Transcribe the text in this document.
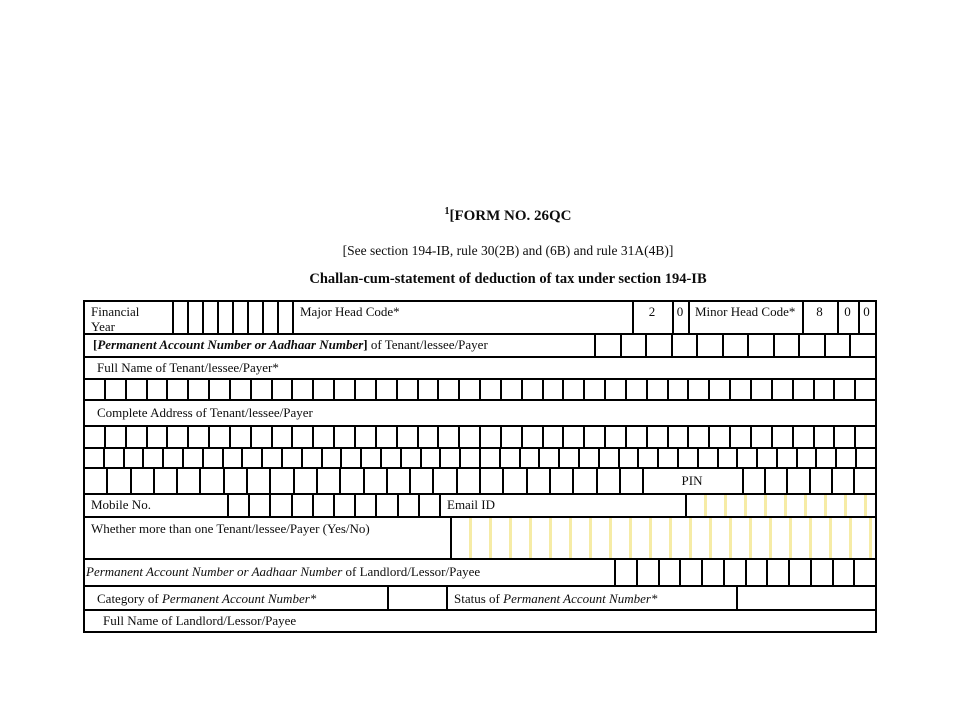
$^1$[FORM NO. 26QC
[See section 194-IB, rule 30(2B) and (6B) and rule 31A(4B)]
Challan-cum-statement of deduction of tax under section 194-IB
Financial
Year
Major Head Code*	2	0 Minor Head Code*	8	0 0
[Permanent Account Number or Aadhaar Number] of Tenant/lessee/Payer
Full Name of Tenant/lessee/Payer*
Complete Address of Tenant/lessee/Payer
PIN
Mobile No.	Email ID
Whether more than one Tenant/lessee/Payer (Yes/No)
Permanent Account Number or Aadhaar Number of Landlord/Lessor/Payee
Category of Permanent Account Number*	Status of Permanent Account Number*
Full Name of Landlord/Lessor/Payee
